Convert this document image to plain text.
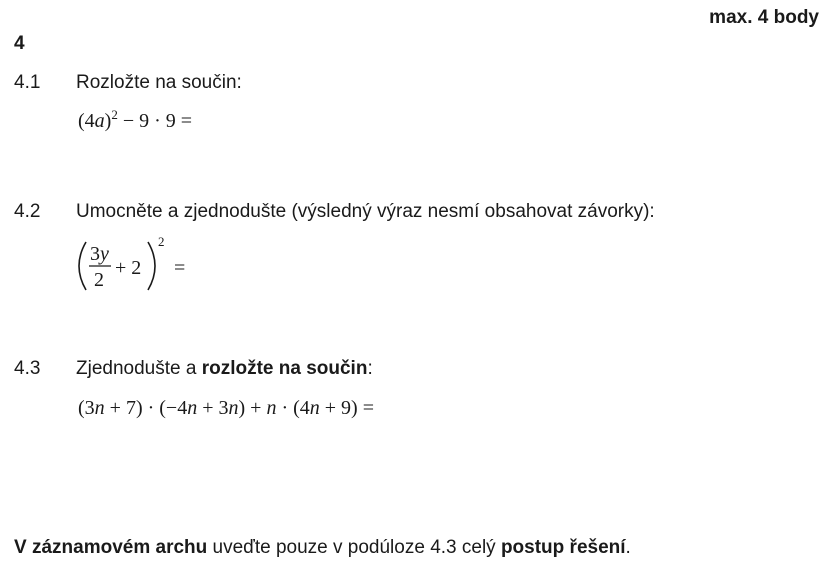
max. 4 body
4
4.1 Rozložte na součin:
$(4a)^2 - 9 \cdot 9$ =
4.2 Umocněte a zjednodušte (výsledný výraz nesmí obsahovat závorky):
3y
2
+ 2
2
=
4.3 Zjednodušte a rozložte na součin:
(3n + 7) · (−4n + 3n) + n · (4n + 9) =
V záznamovém archu uveďte pouze v podúloze 4.3 celý postup řešení.
